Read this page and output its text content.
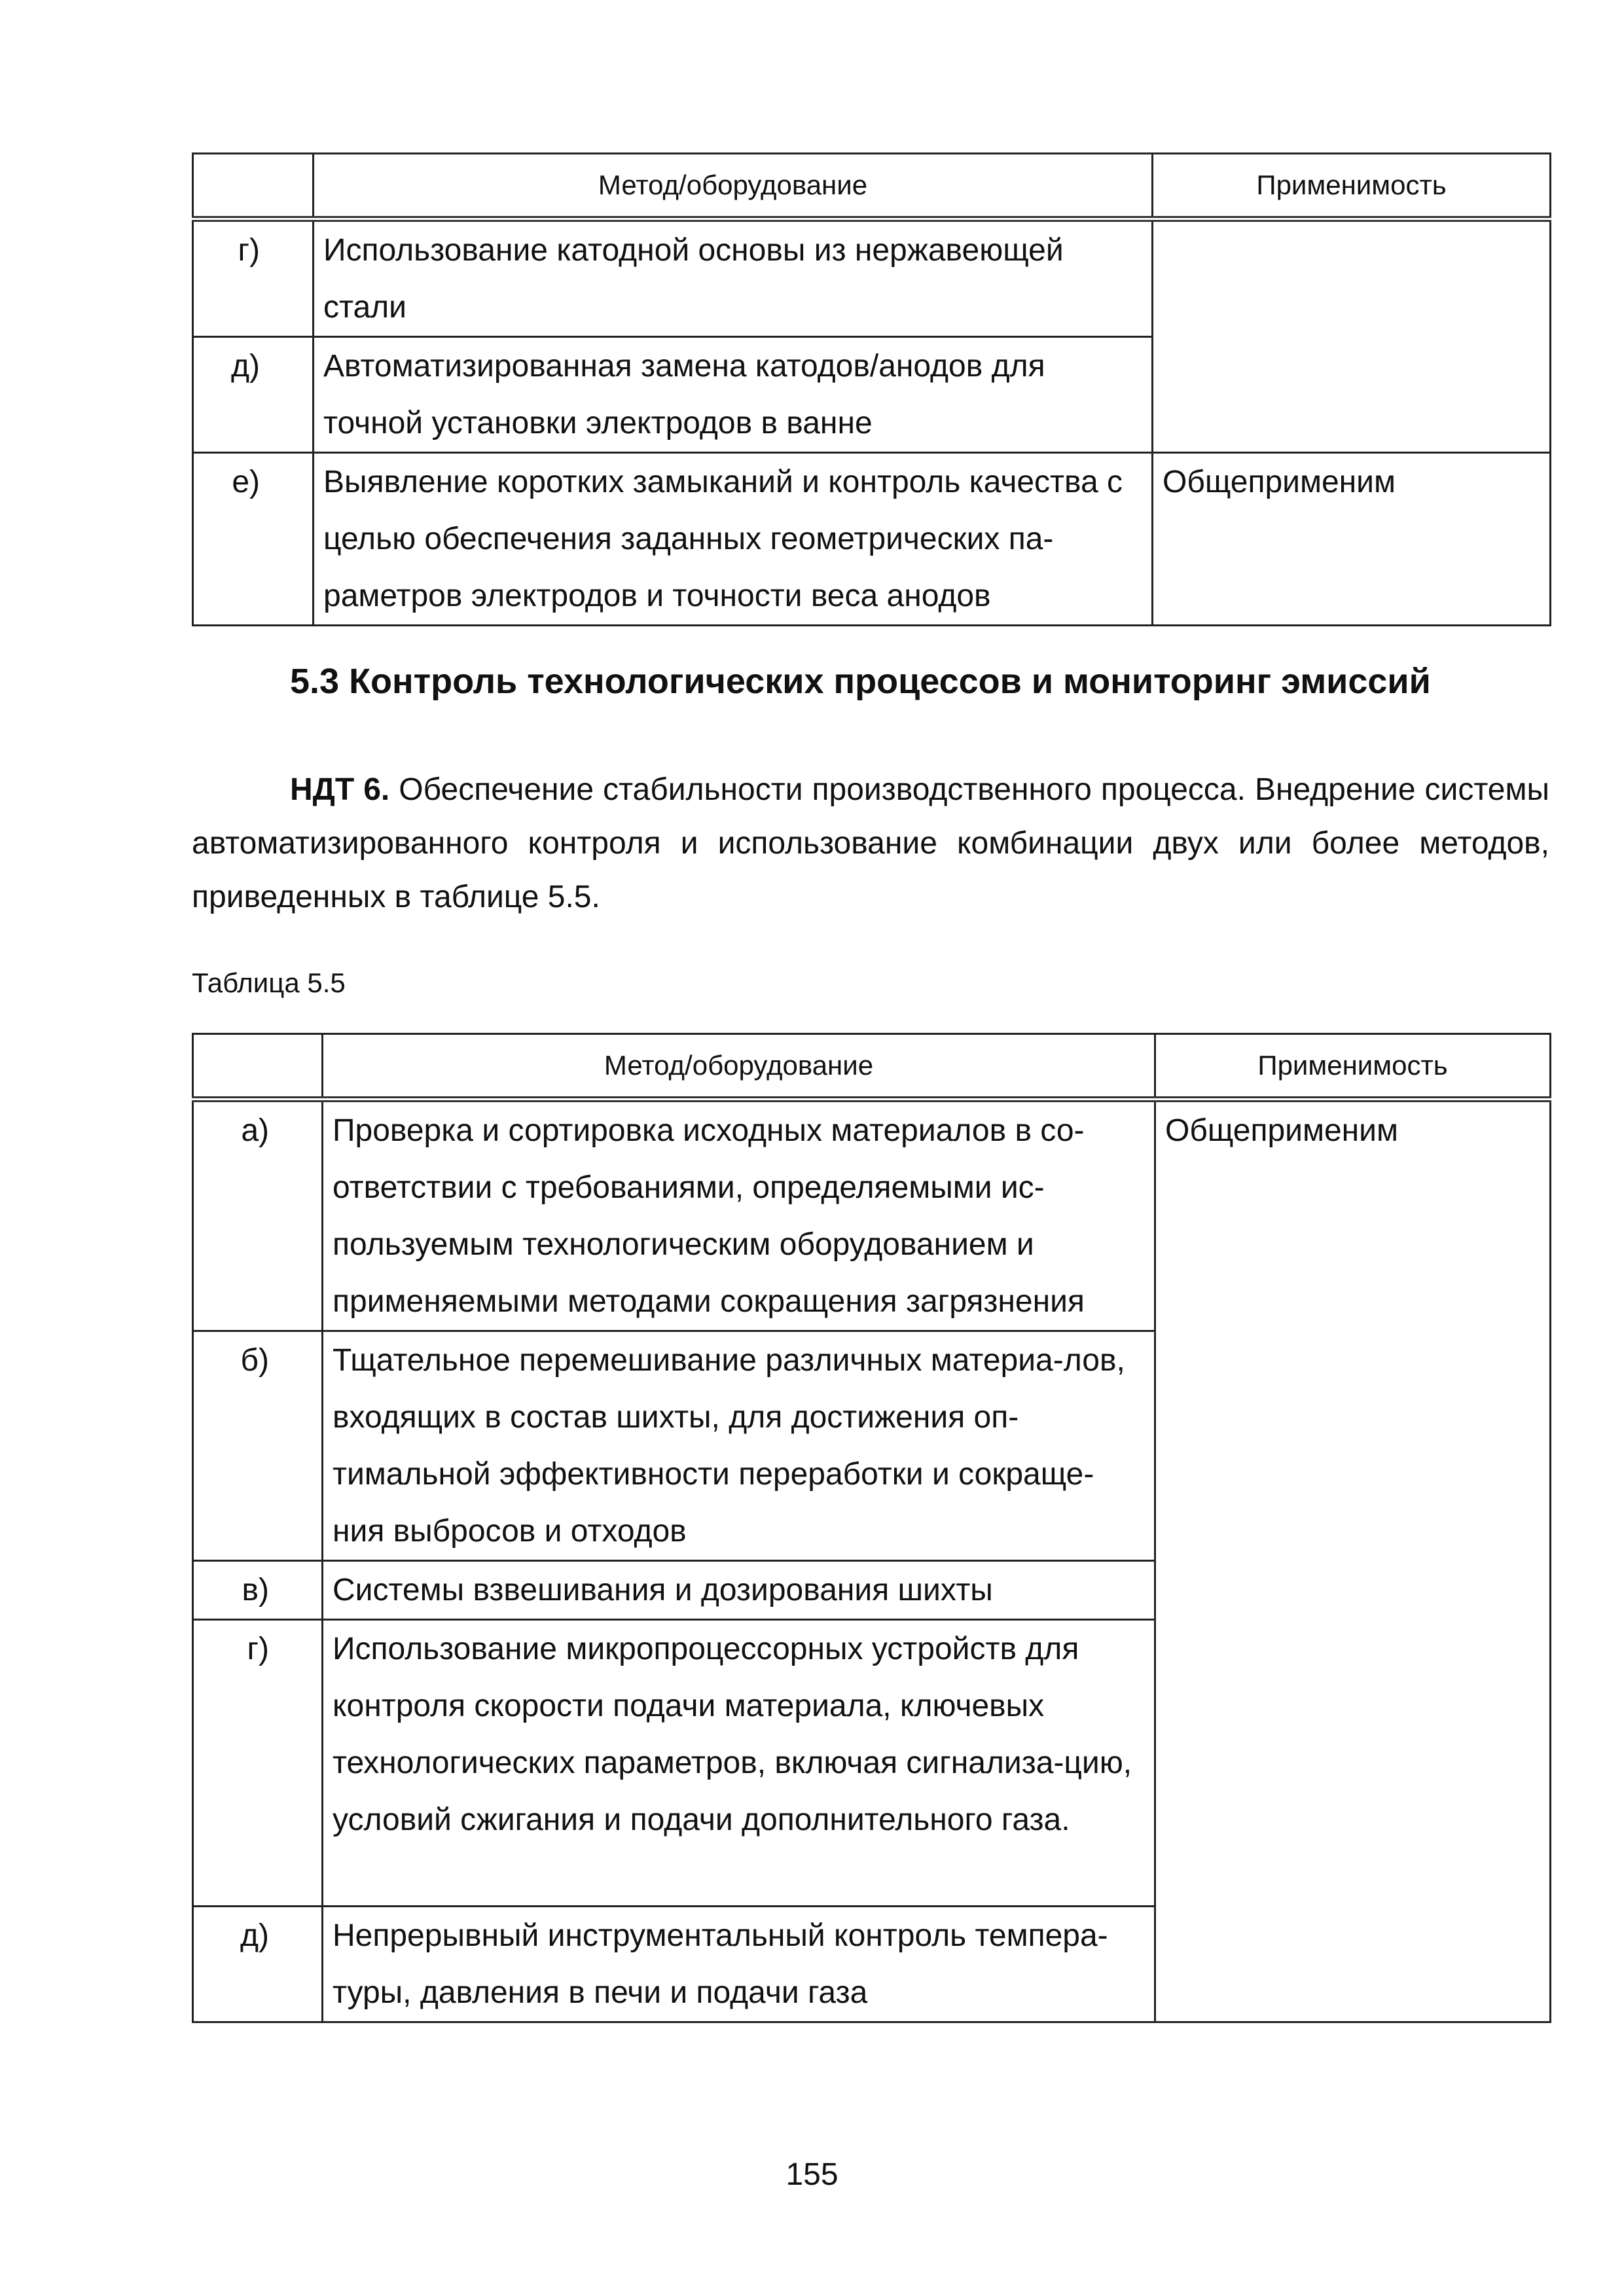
	Метод/оборудование	Применимость
г)	Использование катодной основы из нержавеющей стали	
д)	Автоматизированная замена катодов/анодов для точной установки электродов в ванне	
е)	Выявление коротких замыканий и контроль качества с целью обеспечения заданных геометрических па-раметров электродов и точности веса анодов	Общеприменим
5.3 Контроль технологических процессов и мониторинг эмиссий

НДТ 6. Обеспечение стабильности производственного процесса. Внедрение системы автоматизированного контроля и использование комбинации двух или более методов, приведенных в таблице 5.5.

Таблица 5.5

	Метод/оборудование	Применимость
а)	Проверка и сортировка исходных материалов в со-ответствии с требованиями, определяемыми ис-пользуемым технологическим оборудованием и применяемыми методами сокращения загрязнения	Общеприменим
б)	Тщательное перемешивание различных материа-лов, входящих в состав шихты, для достижения оп-тимальной эффективности переработки и сокраще-ния выбросов и отходов	
в)	Системы взвешивания и дозирования шихты	
г)	Использование микропроцессорных устройств для контроля скорости подачи материала, ключевых технологических параметров, включая сигнализа-цию, условий сжигания и подачи дополнительного газа.	
д)	Непрерывный инструментальный контроль темпера-туры, давления в печи и подачи газа	

155
